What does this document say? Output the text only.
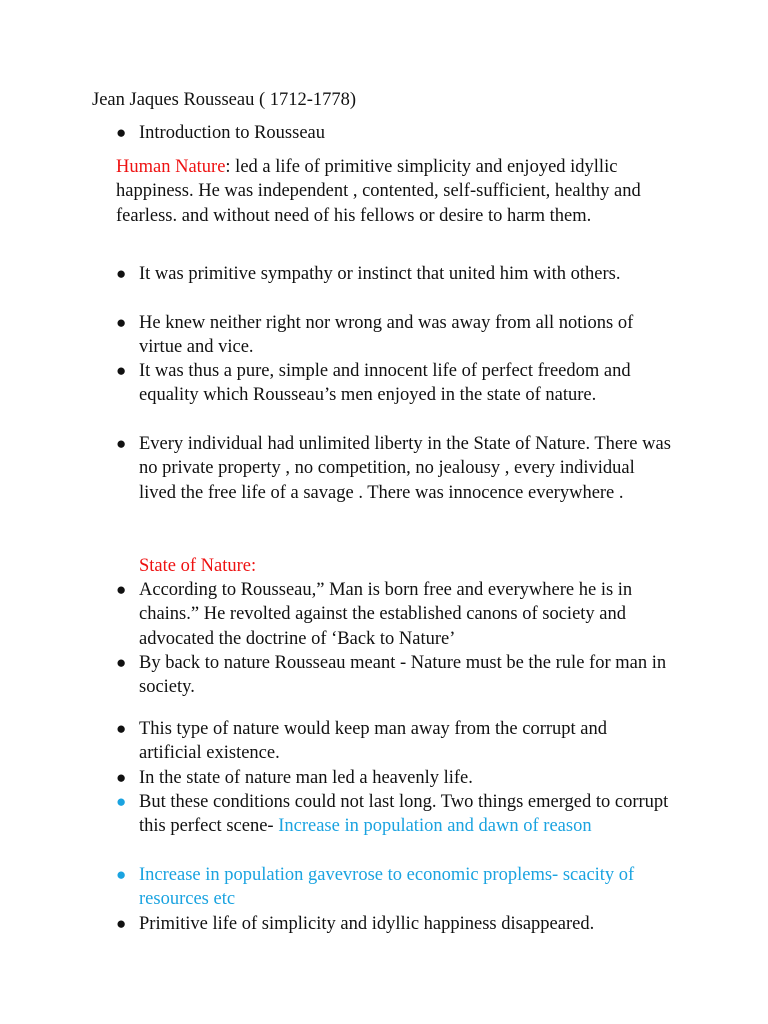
Jean Jaques Rousseau ( 1712-1778)
● Introduction to Rousseau
Human Nature: led a life of primitive simplicity and enjoyed idyllic happiness. He was independent , contented, self-sufficient, healthy and fearless. and without need of his fellows or desire to harm them.
● It was primitive sympathy or instinct that united him with others.
● He knew neither right nor wrong and was away from all notions of virtue and vice.
● It was thus a pure, simple and innocent life of perfect freedom and equality which Rousseau’s men enjoyed in the state of nature.
● Every individual had unlimited liberty in the State of Nature. There was no private property , no competition, no jealousy , every individual lived the free life of a savage . There was innocence everywhere .
State of Nature:
● According to Rousseau,” Man is born free and everywhere he is in chains.” He revolted against the established canons of society and advocated the doctrine of ‘Back to Nature’
● By back to nature Rousseau meant - Nature must be the rule for man in society.
● This type of nature would keep man away from the corrupt and artificial existence.
● In the state of nature man led a heavenly life.
● But these conditions could not last long. Two things emerged to corrupt this perfect scene- Increase in population and dawn of reason
● Increase in population gavevrose to economic proplems- scacity of resources etc
● Primitive life of simplicity and idyllic happiness disappeared.
